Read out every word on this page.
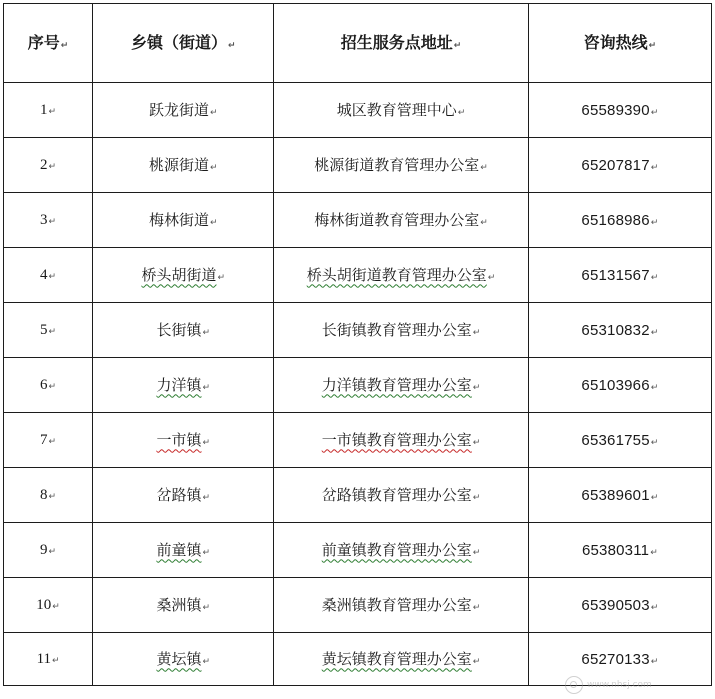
序号↵	乡镇（街道）↵	招生服务点地址↵	咨询热线↵
1↵	跃龙街道↵	城区教育管理中心↵	65589390↵
2↵	桃源街道↵	桃源街道教育管理办公室↵	65207817↵
3↵	梅林街道↵	梅林街道教育管理办公室↵	65168986↵
4↵	桥头胡街道↵	桥头胡街道教育管理办公室↵	65131567↵
5↵	长街镇↵	长街镇教育管理办公室↵	65310832↵
6↵	力洋镇↵	力洋镇教育管理办公室↵	65103966↵
7↵	一市镇↵	一市镇教育管理办公室↵	65361755↵
8↵	岔路镇↵	岔路镇教育管理办公室↵	65389601↵
9↵	前童镇↵	前童镇教育管理办公室↵	65380311↵
10↵	桑洲镇↵	桑洲镇教育管理办公室↵	65390503↵
11↵	黄坛镇↵	黄坛镇教育管理办公室↵	65270133↵
www.nhsj.com
